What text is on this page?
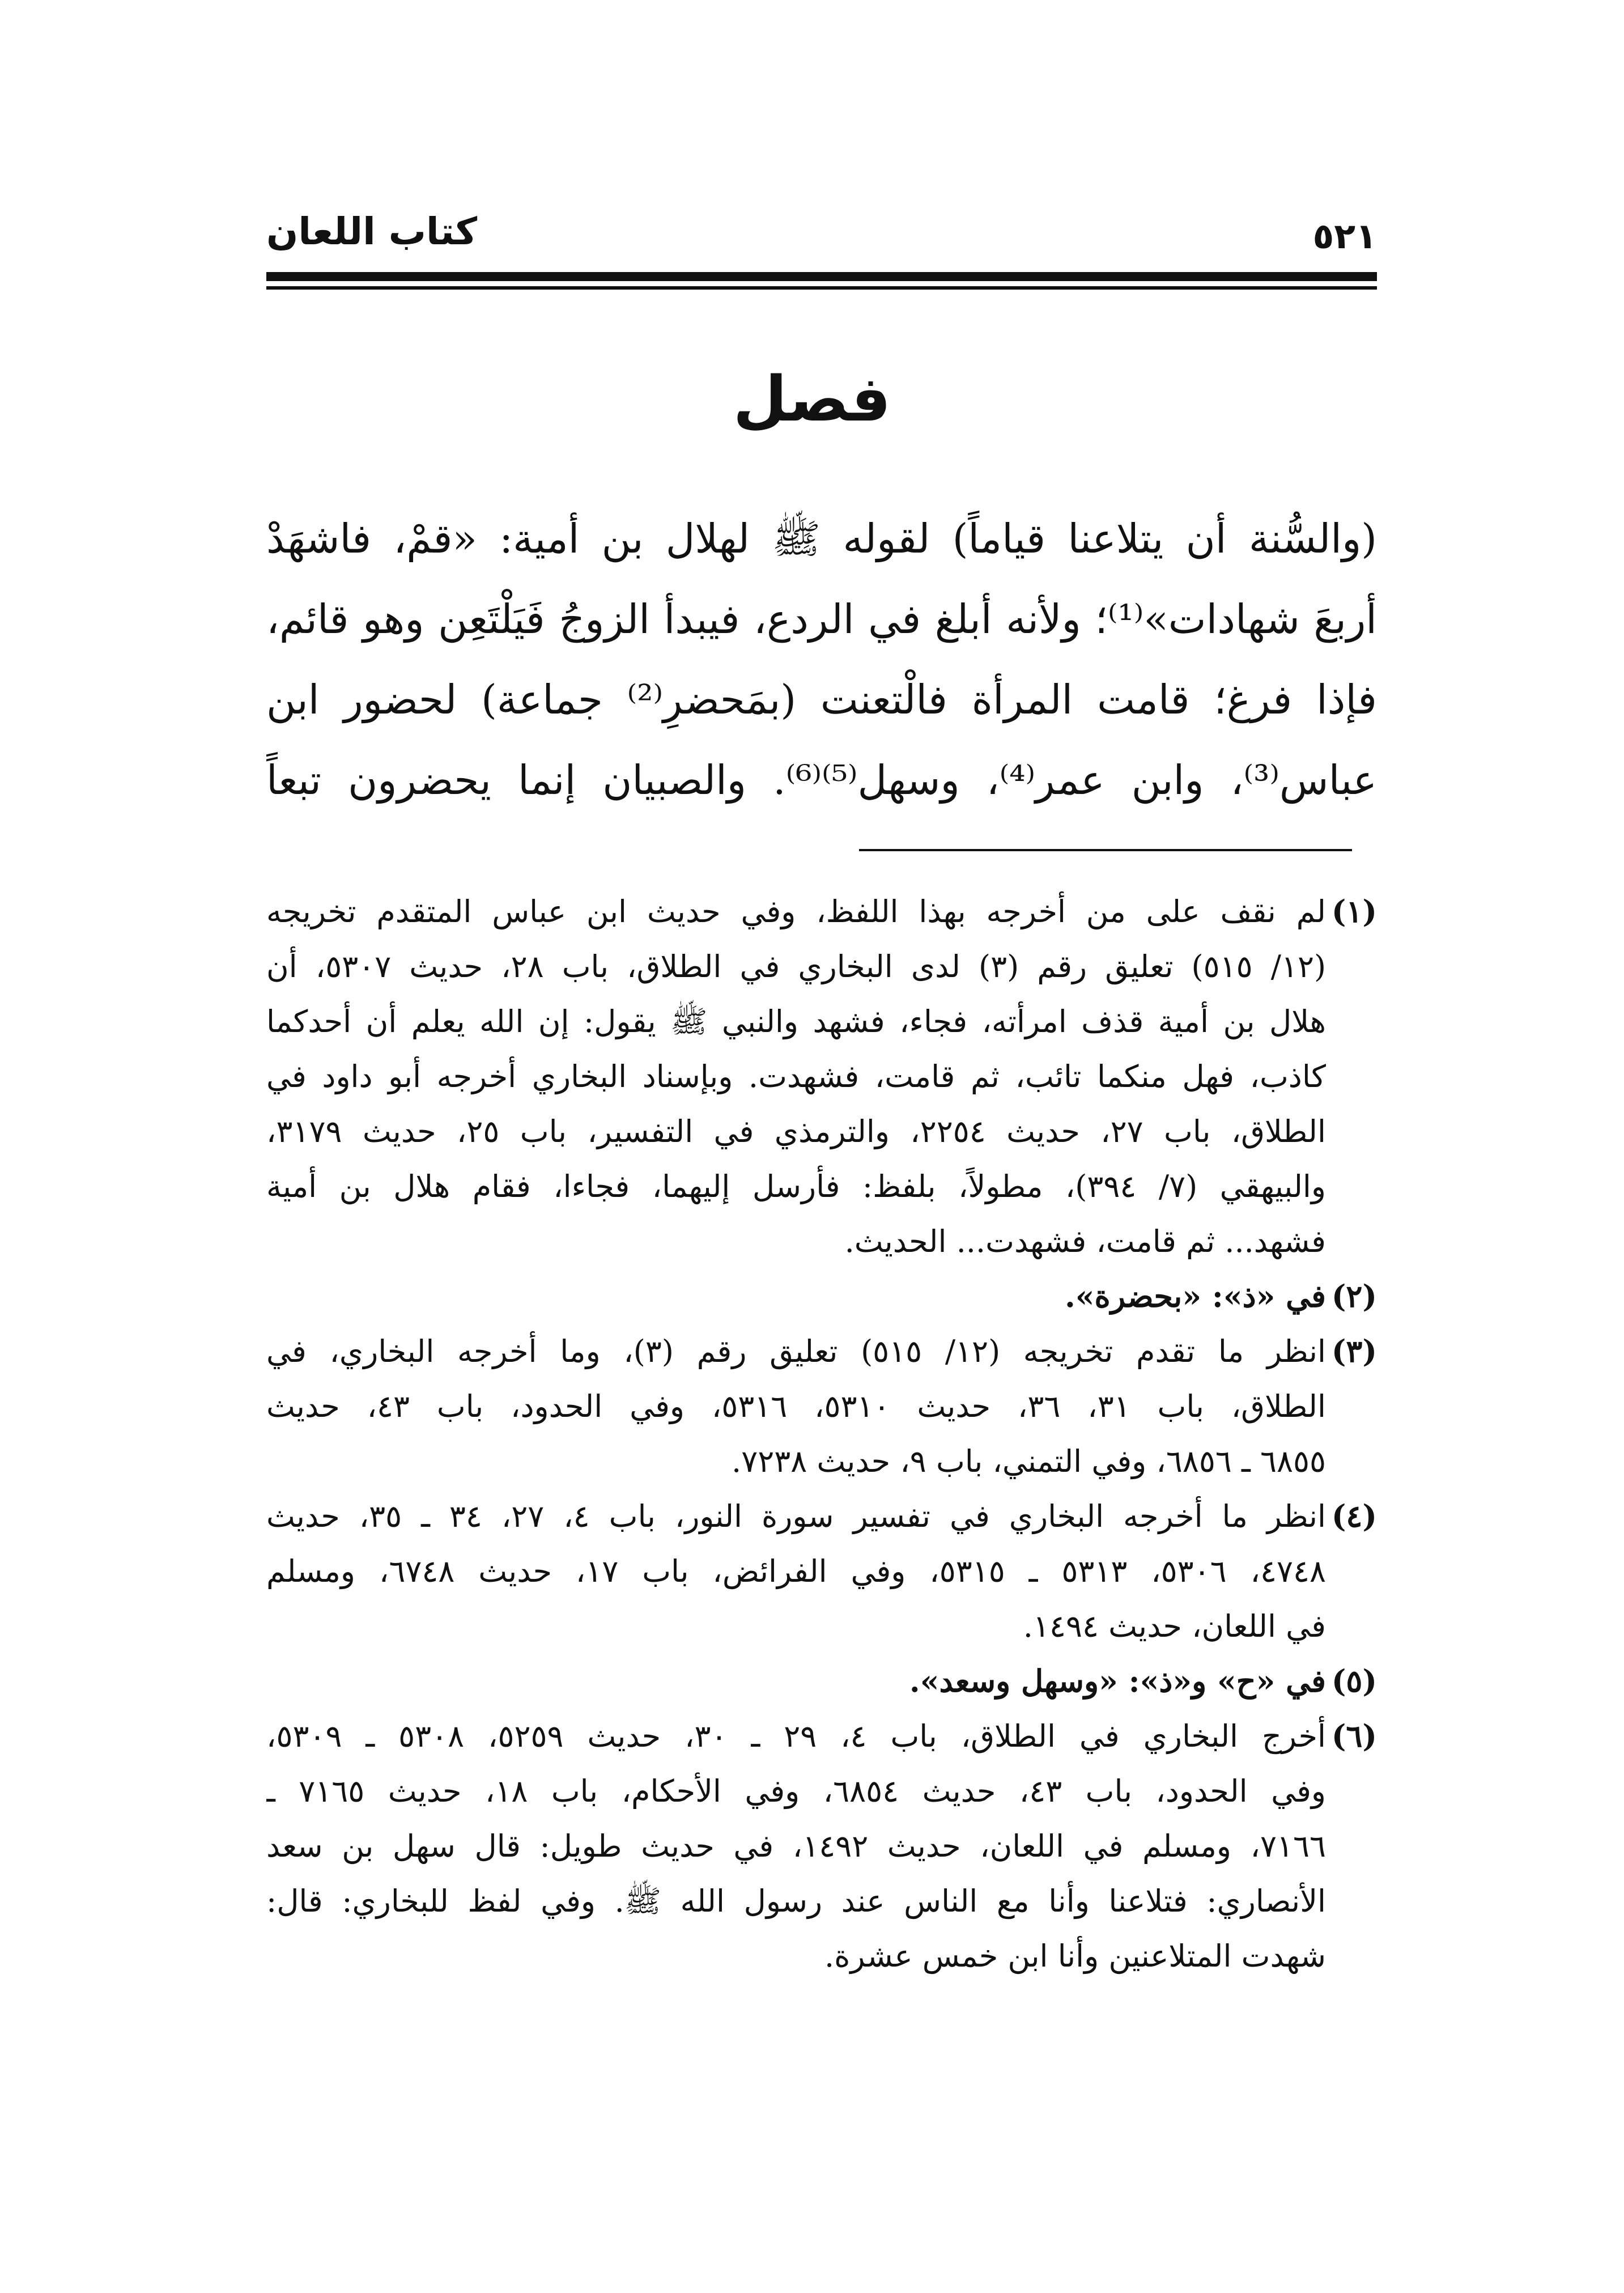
كتاب اللعان	٥٢١
فصل
(والسُّنة أن يتلاعنا قياماً) لقوله ﷺ لهلال بن أمية: «قمْ، فاشهَدْ
أربعَ شهادات»⁽¹⁾؛ ولأنه أبلغ في الردع، فيبدأ الزوجُ فَيَلْتَعِن وهو قائم،
فإذا فرغ؛ قامت المرأة فالْتعنت (بمَحضرِ⁽²⁾ جماعة) لحضور ابن
عباس⁽³⁾، وابن عمر⁽⁴⁾، وسهل⁽⁵⁾⁽⁶⁾. والصبيان إنما يحضرون تبعاً
(١)
لم نقف على من أخرجه بهذا اللفظ، وفي حديث ابن عباس المتقدم تخريجه
(١٢/ ٥١٥) تعليق رقم (٣) لدى البخاري في الطلاق، باب ٢٨، حديث ٥٣٠٧، أن
هلال بن أمية قذف امرأته، فجاء، فشهد والنبي ﷺ يقول: إن الله يعلم أن أحدكما
كاذب، فهل منكما تائب، ثم قامت، فشهدت. وبإسناد البخاري أخرجه أبو داود في
الطلاق، باب ٢٧، حديث ٢٢٥٤، والترمذي في التفسير، باب ٢٥، حديث ٣١٧٩،
والبيهقي (٧/ ٣٩٤)، مطولاً، بلفظ: فأرسل إليهما، فجاءا، فقام هلال بن أمية
فشهد... ثم قامت، فشهدت... الحديث.
(٢)
في «ذ»: «بحضرة».
(٣)
انظر ما تقدم تخريجه (١٢/ ٥١٥) تعليق رقم (٣)، وما أخرجه البخاري، في
الطلاق، باب ٣١، ٣٦، حديث ٥٣١٠، ٥٣١٦، وفي الحدود، باب ٤٣، حديث
٦٨٥٥ ـ ٦٨٥٦، وفي التمني، باب ٩، حديث ٧٢٣٨.
(٤)
انظر ما أخرجه البخاري في تفسير سورة النور، باب ٤، ٢٧، ٣٤ ـ ٣٥، حديث
٤٧٤٨، ٥٣٠٦، ٥٣١٣ ـ ٥٣١٥، وفي الفرائض، باب ١٧، حديث ٦٧٤٨، ومسلم
في اللعان، حديث ١٤٩٤.
(٥)
في «ح» و«ذ»: «وسهل وسعد».
(٦)
أخرج البخاري في الطلاق، باب ٤، ٢٩ ـ ٣٠، حديث ٥٢٥٩، ٥٣٠٨ ـ ٥٣٠٩،
وفي الحدود، باب ٤٣، حديث ٦٨٥٤، وفي الأحكام، باب ١٨، حديث ٧١٦٥ ـ
٧١٦٦، ومسلم في اللعان، حديث ١٤٩٢، في حديث طويل: قال سهل بن سعد
الأنصاري: فتلاعنا وأنا مع الناس عند رسول الله ﷺ. وفي لفظ للبخاري: قال:
شهدت المتلاعنين وأنا ابن خمس عشرة.
